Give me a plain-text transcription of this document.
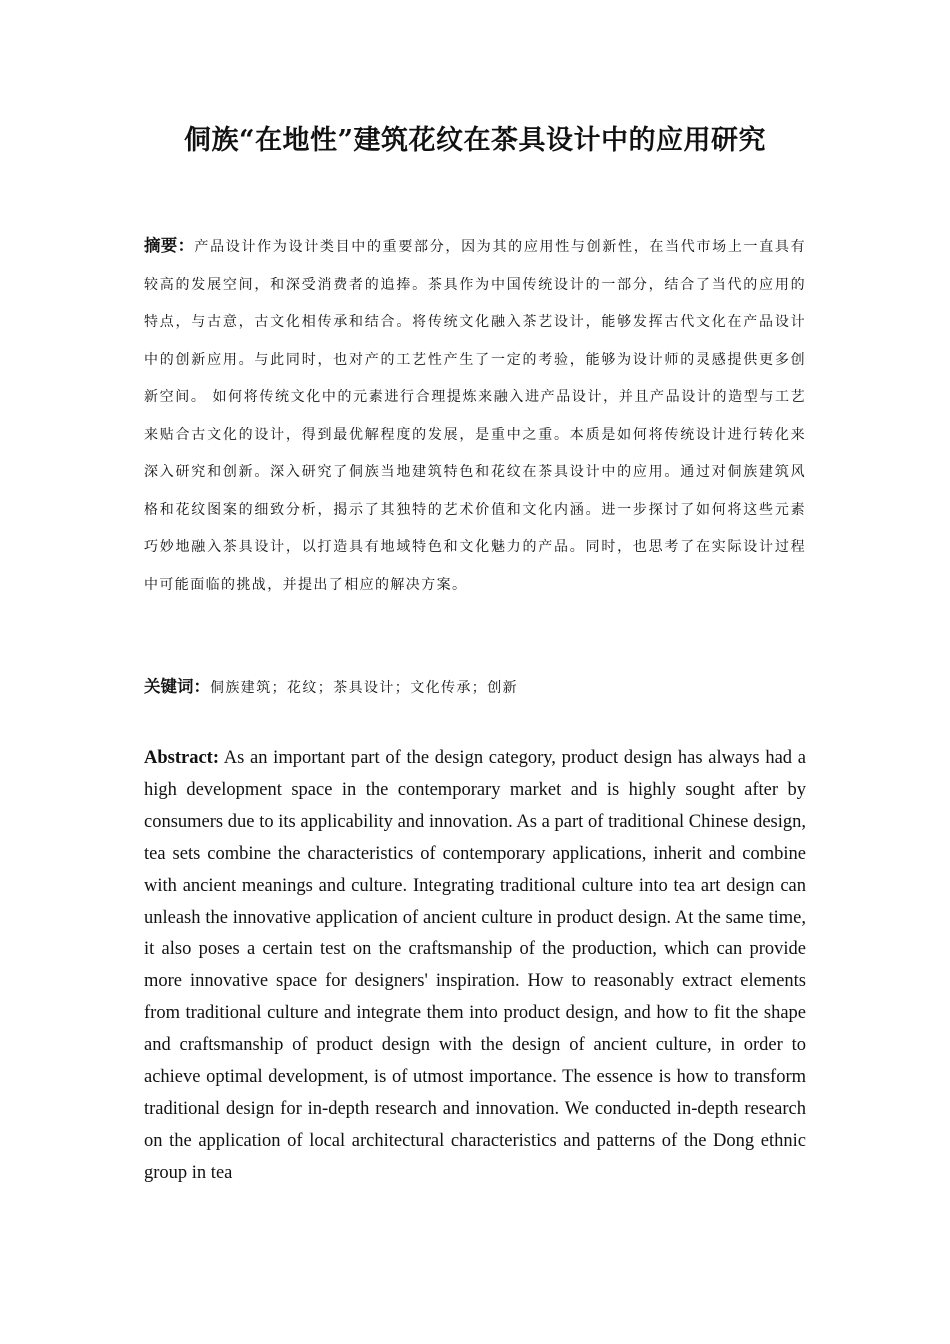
侗族“在地性”建筑花纹在茶具设计中的应用研究

摘要：产品设计作为设计类目中的重要部分，因为其的应用性与创新性，在当代市场上一直具有较高的发展空间，和深受消费者的追捧。茶具作为中国传统设计的一部分，结合了当代的应用的特点，与古意，古文化相传承和结合。将传统文化融入茶艺设计，能够发挥古代文化在产品设计中的创新应用。与此同时，也对产的工艺性产生了一定的考验，能够为设计师的灵感提供更多创新空间。 如何将传统文化中的元素进行合理提炼来融入进产品设计，并且产品设计的造型与工艺来贴合古文化的设计，得到最优解程度的发展，是重中之重。本质是如何将传统设计进行转化来深入研究和创新。深入研究了侗族当地建筑特色和花纹在茶具设计中的应用。通过对侗族建筑风格和花纹图案的细致分析，揭示了其独特的艺术价值和文化内涵。进一步探讨了如何将这些元素巧妙地融入茶具设计，以打造具有地域特色和文化魅力的产品。同时，也思考了在实际设计过程中可能面临的挑战，并提出了相应的解决方案。

关键词：侗族建筑；花纹；茶具设计；文化传承；创新

Abstract: As an important part of the design category, product design has always had a high development space in the contemporary market and is highly sought after by consumers due to its applicability and innovation. As a part of traditional Chinese design, tea sets combine the characteristics of contemporary applications, inherit and combine with ancient meanings and culture. Integrating traditional culture into tea art design can unleash the innovative application of ancient culture in product design. At the same time, it also poses a certain test on the craftsmanship of the production, which can provide more innovative space for designers' inspiration. How to reasonably extract elements from traditional culture and integrate them into product design, and how to fit the shape and craftsmanship of product design with the design of ancient culture, in order to achieve optimal development, is of utmost importance. The essence is how to transform traditional design for in-depth research and innovation. We conducted in-depth research on the application of local architectural characteristics and patterns of the Dong ethnic group in tea
